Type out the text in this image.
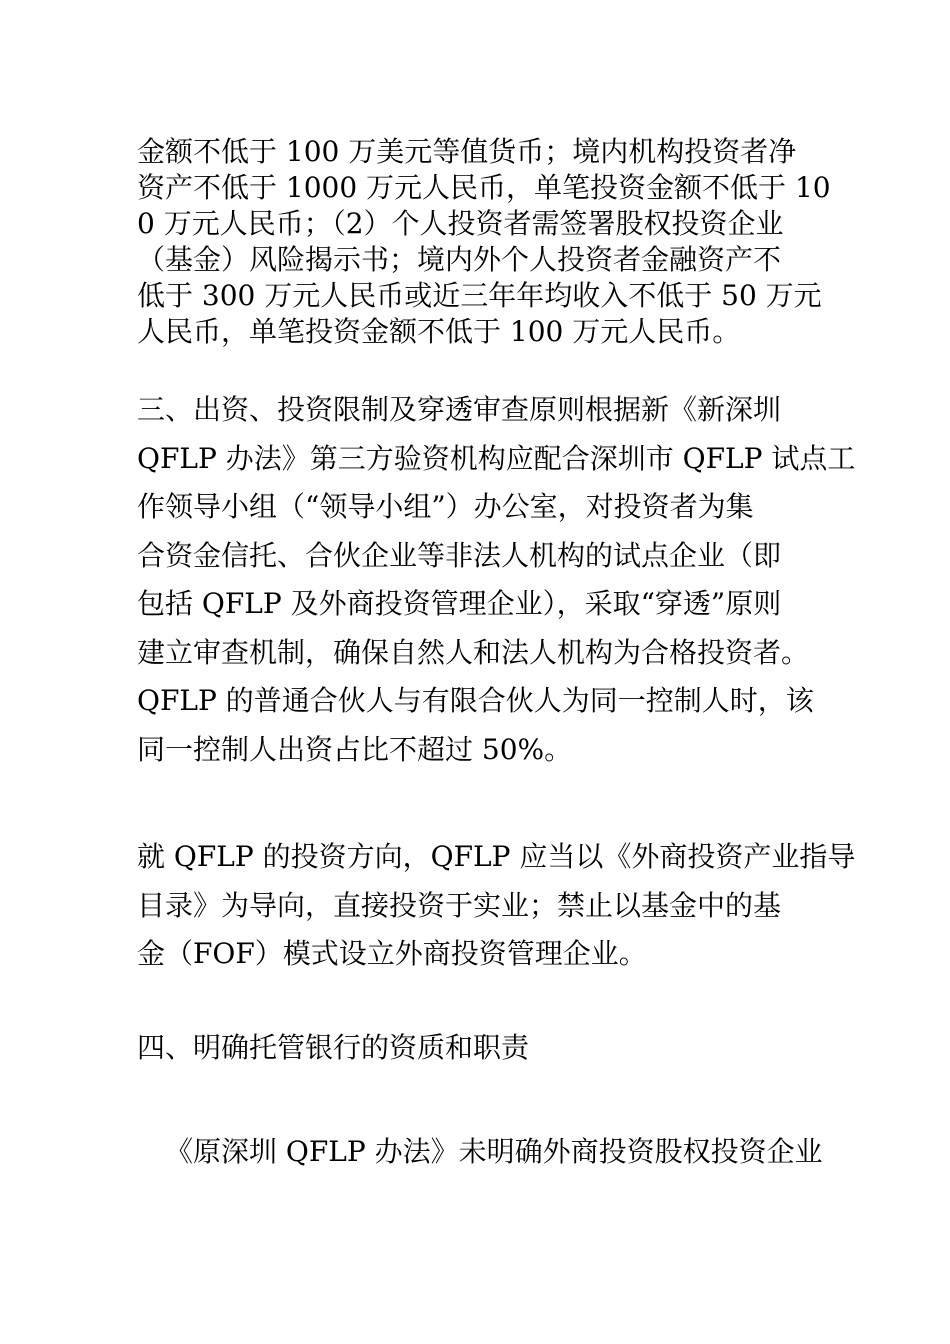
金额不低于 100 万美元等值货币；境内机构投资者净
资产不低于 1000 万元人民币，单笔投资金额不低于 10
0 万元人民币；（2）个人投资者需签署股权投资企业
（基金）风险揭示书；境内外个人投资者金融资产不
低于 300 万元人民币或近三年年均收入不低于 50 万元
人民币，单笔投资金额不低于 100 万元人民币。
三、出资、投资限制及穿透审查原则根据新《新深圳
QFLP 办法》第三方验资机构应配合深圳市 QFLP 试点工
作领导小组（“领导小组”）办公室，对投资者为集
合资金信托、合伙企业等非法人机构的试点企业（即
包括 QFLP 及外商投资管理企业），采取“穿透”原则
建立审查机制，确保自然人和法人机构为合格投资者。
QFLP 的普通合伙人与有限合伙人为同一控制人时，该
同一控制人出资占比不超过 50%。
就 QFLP 的投资方向，QFLP 应当以《外商投资产业指导
目录》为导向，直接投资于实业；禁止以基金中的基
金（FOF）模式设立外商投资管理企业。
四、明确托管银行的资质和职责
《原深圳 QFLP 办法》未明确外商投资股权投资企业
